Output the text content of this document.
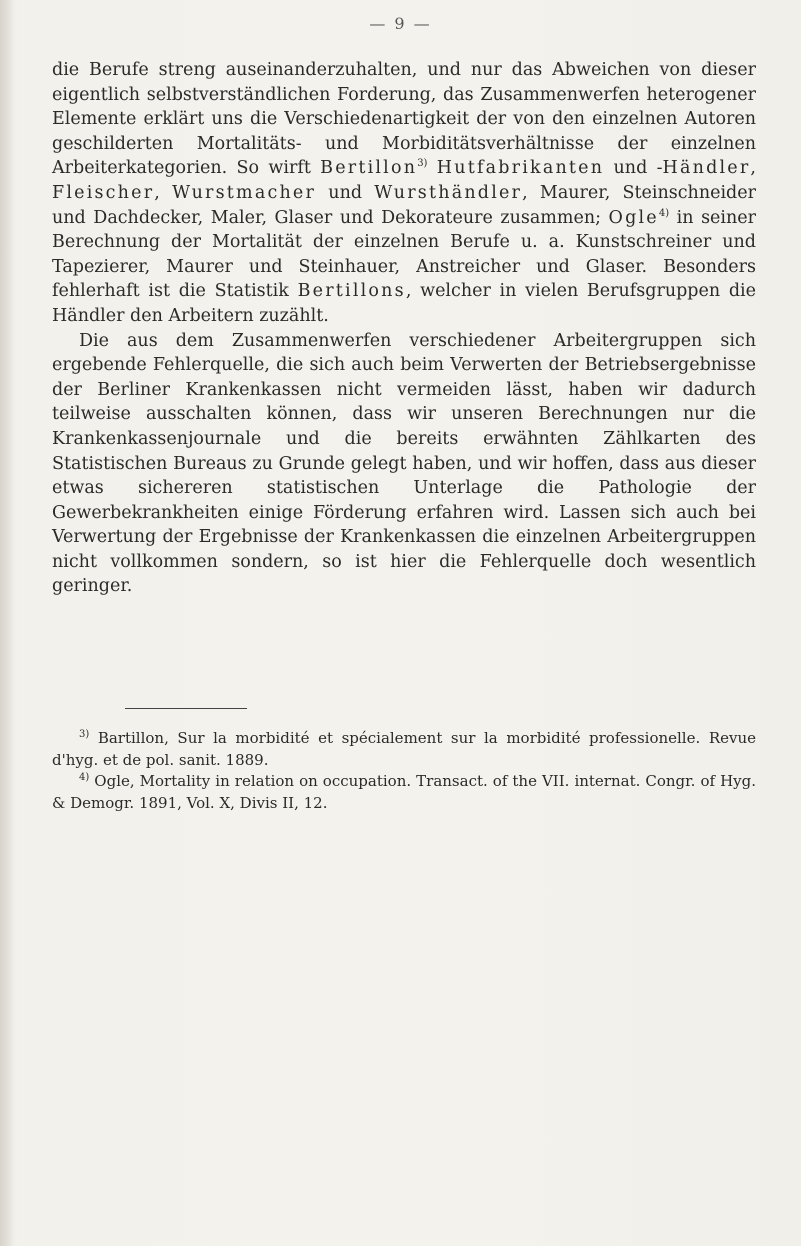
— 9 —

die Berufe streng auseinanderzuhalten, und nur das Abweichen von dieser eigentlich selbstverständlichen Forderung, das Zusammenwerfen heterogener Elemente erklärt uns die Verschiedenartigkeit der von den einzelnen Autoren geschilderten Mortalitäts- und Morbiditätsverhältnisse der einzelnen Arbeiterkategorien. So wirft Bertillon$^{3)}$ Hutfabrikanten und -Händler, Fleischer, Wurstmacher und Wursthändler, Maurer, Steinschneider und Dachdecker, Maler, Glaser und Dekorateure zusammen; Ogle$^{4)}$ in seiner Berechnung der Mortalität der einzelnen Berufe u. a. Kunstschreiner und Tapezierer, Maurer und Steinhauer, Anstreicher und Glaser. Besonders fehlerhaft ist die Statistik Bertillons, welcher in vielen Berufsgruppen die Händler den Arbeitern zuzählt.

Die aus dem Zusammenwerfen verschiedener Arbeitergruppen sich ergebende Fehlerquelle, die sich auch beim Verwerten der Betriebsergebnisse der Berliner Krankenkassen nicht vermeiden lässt, haben wir dadurch teilweise ausschalten können, dass wir unseren Berechnungen nur die Krankenkassenjournale und die bereits erwähnten Zählkarten des Statistischen Bureaus zu Grunde gelegt haben, und wir hoffen, dass aus dieser etwas sichereren statistischen Unterlage die Pathologie der Gewerbekrankheiten einige Förderung erfahren wird. Lassen sich auch bei Verwertung der Ergebnisse der Krankenkassen die einzelnen Arbeitergruppen nicht vollkommen sondern, so ist hier die Fehlerquelle doch wesentlich geringer.

$^{3)}$ Bartillon, Sur la morbidité et spécialement sur la morbidité professionelle. Revue d'hyg. et de pol. sanit. 1889.

$^{4)}$ Ogle, Mortality in relation on occupation. Transact. of the VII. internat. Congr. of Hyg. & Demogr. 1891, Vol. X, Divis II, 12.
